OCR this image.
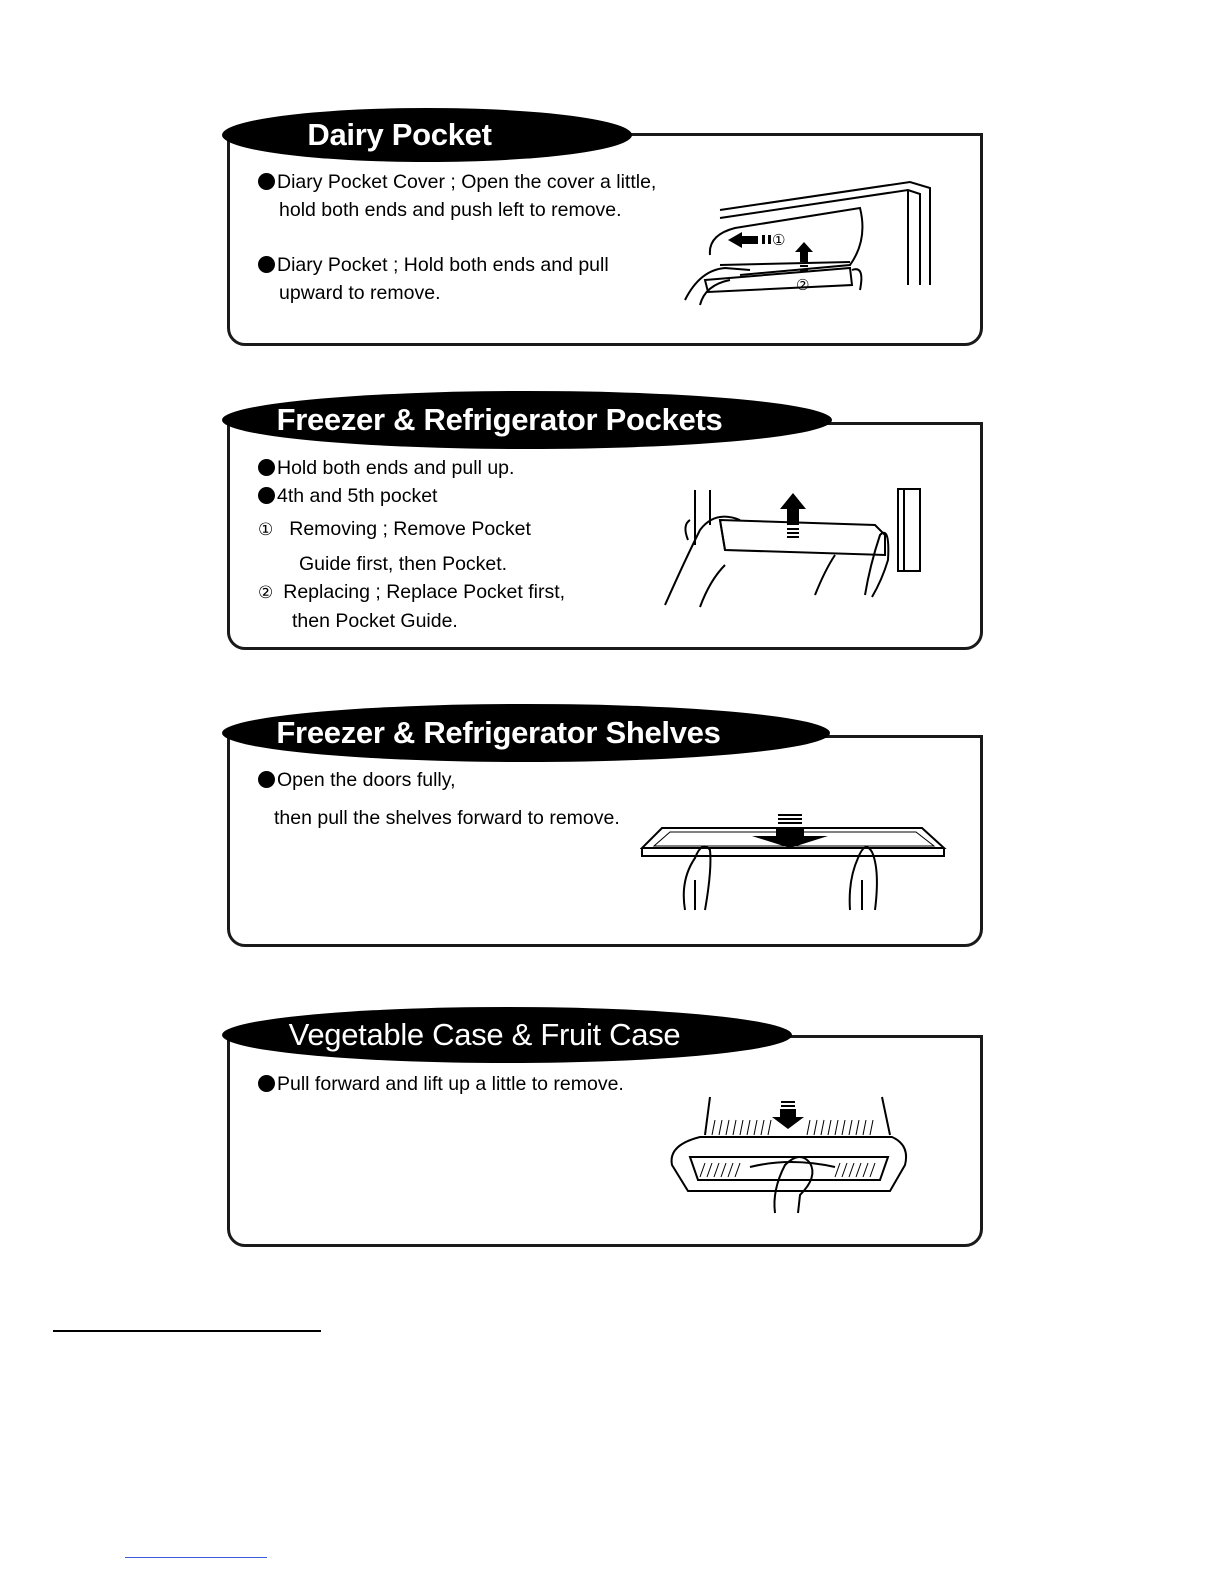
Dairy Pocket
Diary Pocket Cover ; Open the cover a little,
hold both ends and push left to remove.
Diary Pocket ; Hold both ends and pull
upward to remove.
①
②
Freezer & Refrigerator Pockets
Hold both ends and pull up.
4th and 5th pocket
① Removing ; Remove Pocket
Guide first, then Pocket.
② Replacing ; Replace Pocket first,
then Pocket Guide.
Freezer & Refrigerator Shelves
Open the doors fully,
then pull the shelves forward to remove.
Vegetable Case & Fruit Case
Pull forward and lift up a little to remove.
